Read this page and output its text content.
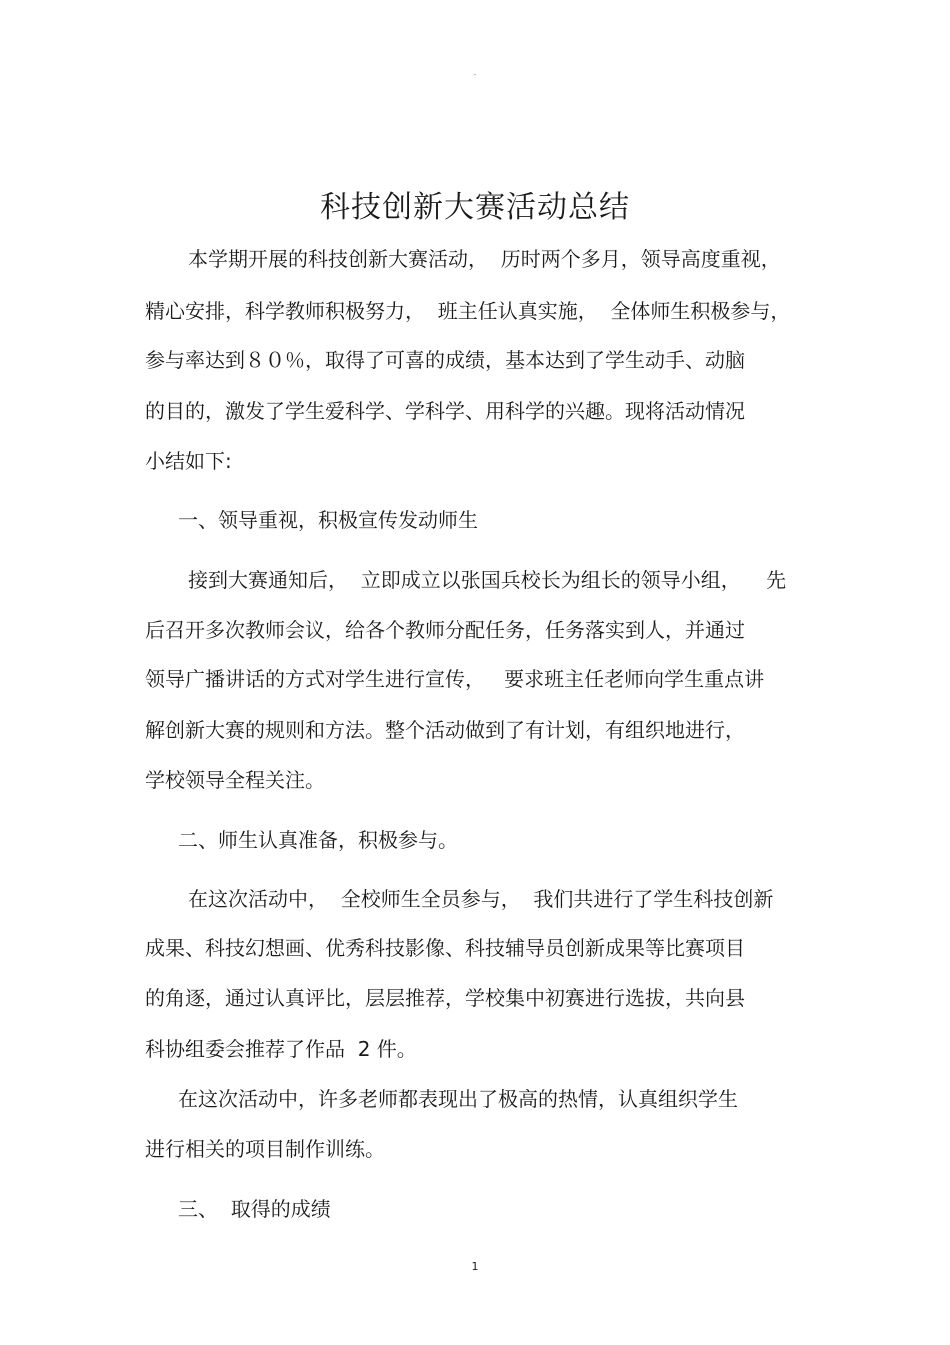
-
科技创新大赛活动总结
本学期开展的科技创新大赛活动，  历时两个多月，领导高度重视，
精心安排，科学教师积极努力，  班主任认真实施，  全体师生积极参与，
参与率达到８０％，取得了可喜的成绩，基本达到了学生动手、动脑
的目的，激发了学生爱科学、学科学、用科学的兴趣。现将活动情况
小结如下:
一、领导重视，积极宣传发动师生
接到大赛通知后，  立即成立以张国兵校长为组长的领导小组，    先
后召开多次教师会议，给各个教师分配任务，任务落实到人，并通过
领导广播讲话的方式对学生进行宣传，   要求班主任老师向学生重点讲
解创新大赛的规则和方法。整个活动做到了有计划，有组织地进行，
学校领导全程关注。
二、师生认真准备，积极参与。
在这次活动中，  全校师生全员参与，  我们共进行了学生科技创新
成果、科技幻想画、优秀科技影像、科技辅导员创新成果等比赛项目
的角逐，通过认真评比，层层推荐，学校集中初赛进行选拔，共向县
科协组委会推荐了作品  2 件。
在这次活动中，许多老师都表现出了极高的热情，认真组织学生
进行相关的项目制作训练。
三、  取得的成绩
1
